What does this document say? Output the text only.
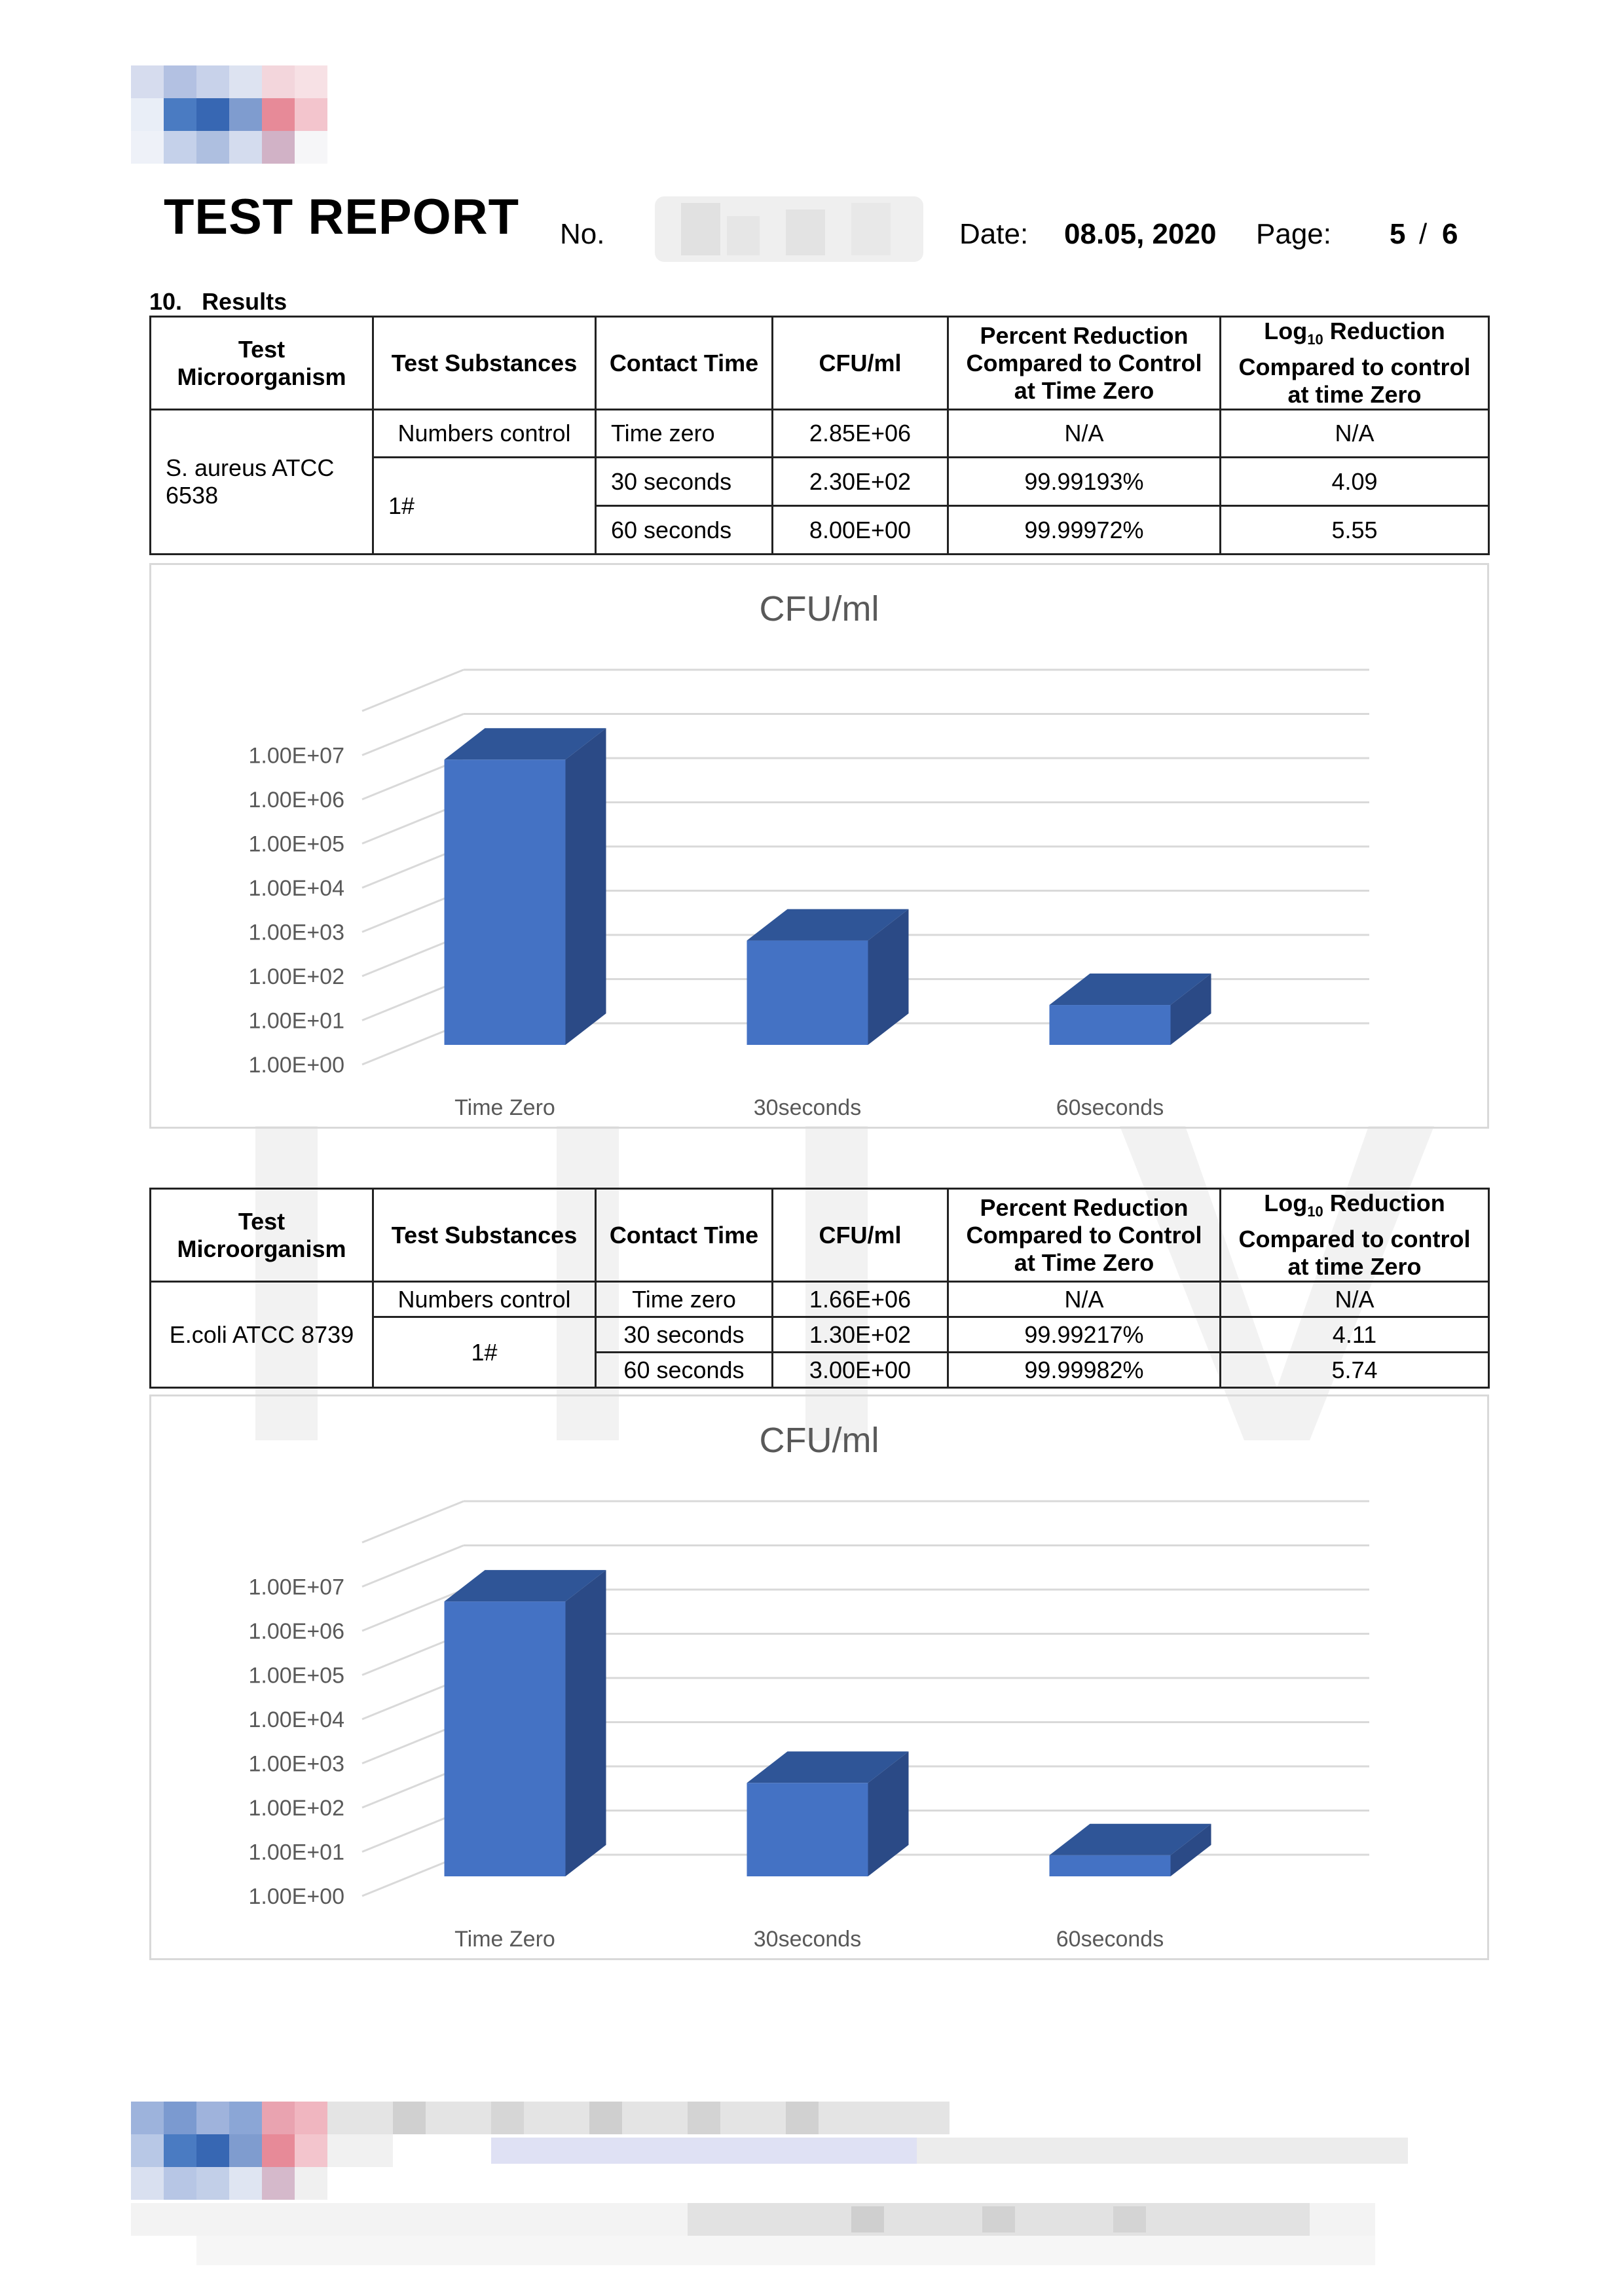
TEST REPORT No.	Date: 08.05, 2020 Page: 5 / 6
10. Results
Test Microorganism	Test Substances	Contact Time	CFU/ml	Percent Reduction Compared to Control at Time Zero	Log$_{10}$ Reduction Compared to control at time Zero
S. aureus ATCC 6538	Numbers control	Time zero	2.85E+06	N/A	N/A
	1#	30 seconds	2.30E+02	99.99193%	4.09
		60 seconds	8.00E+00	99.99972%	5.55
CFU/ml
1.00E+00
1.00E+01
1.00E+02
1.00E+03
1.00E+04
1.00E+05
1.00E+06
1.00E+07
Time Zero	30seconds	60seconds
Test Microorganism	Test Substances	Contact Time	CFU/ml	Percent Reduction Compared to Control at Time Zero	Log$_{10}$ Reduction Compared to control at time Zero
E.coli ATCC 8739	Numbers control	Time zero	1.66E+06	N/A	N/A
	1#	30 seconds	1.30E+02	99.99217%	4.11
		60 seconds	3.00E+00	99.99982%	5.74
CFU/ml
1.00E+00
1.00E+01
1.00E+02
1.00E+03
1.00E+04
1.00E+05
1.00E+06
1.00E+07
Time Zero	30seconds	60seconds
